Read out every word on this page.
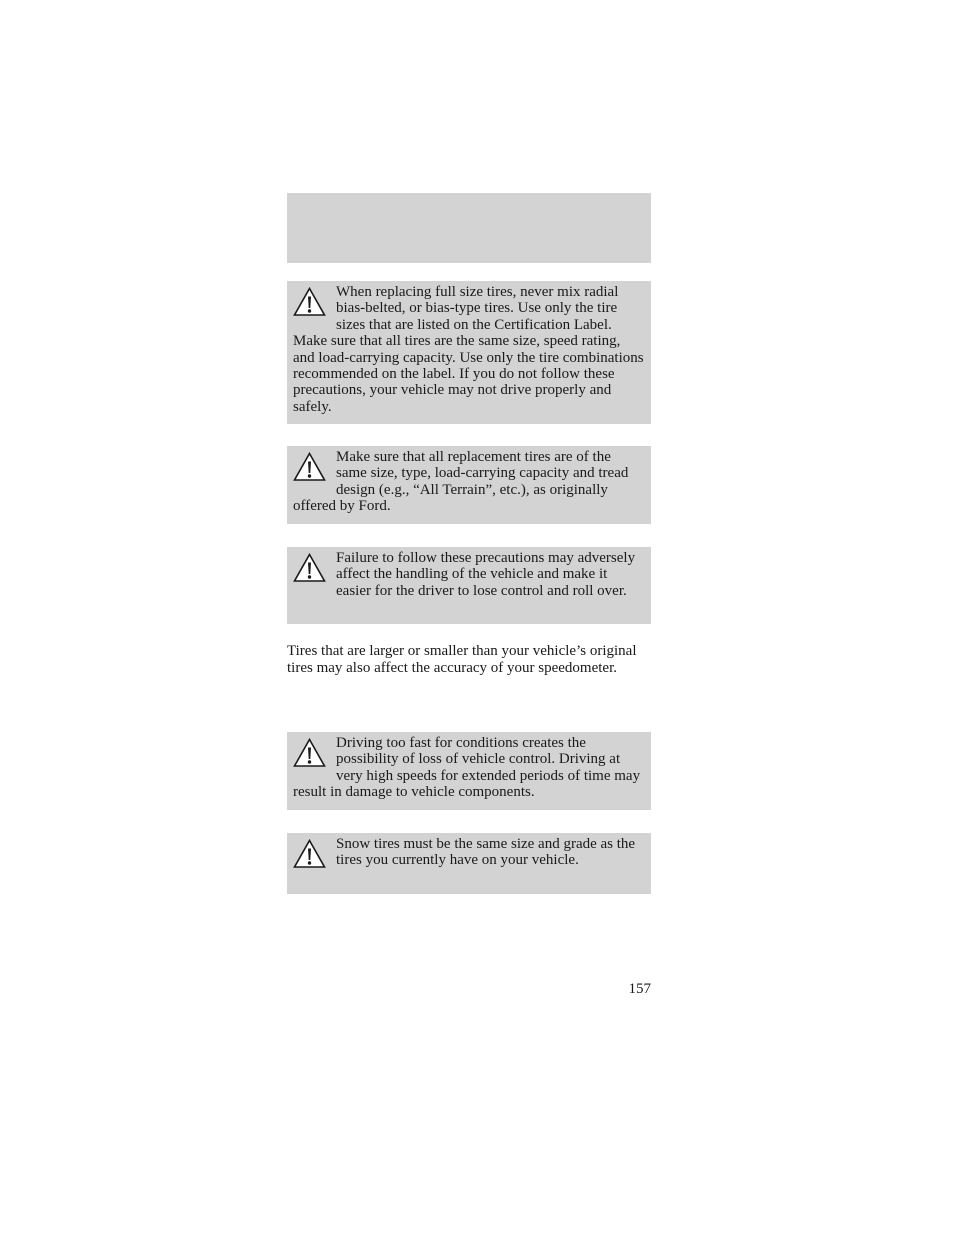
When replacing full size tires, never mix radial bias-belted, or bias-type tires. Use only the tire sizes that are listed on the Certification Label. Make sure that all tires are the same size, speed rating, and load-carrying capacity. Use only the tire combinations recommended on the label. If you do not follow these precautions, your vehicle may not drive properly and safely.

Make sure that all replacement tires are of the same size, type, load-carrying capacity and tread design (e.g., “All Terrain”, etc.), as originally offered by Ford.

Failure to follow these precautions may adversely affect the handling of the vehicle and make it easier for the driver to lose control and roll over.

Tires that are larger or smaller than your vehicle’s original tires may also affect the accuracy of your speedometer.

Driving too fast for conditions creates the possibility of loss of vehicle control. Driving at very high speeds for extended periods of time may result in damage to vehicle components.

Snow tires must be the same size and grade as the tires you currently have on your vehicle.

157
